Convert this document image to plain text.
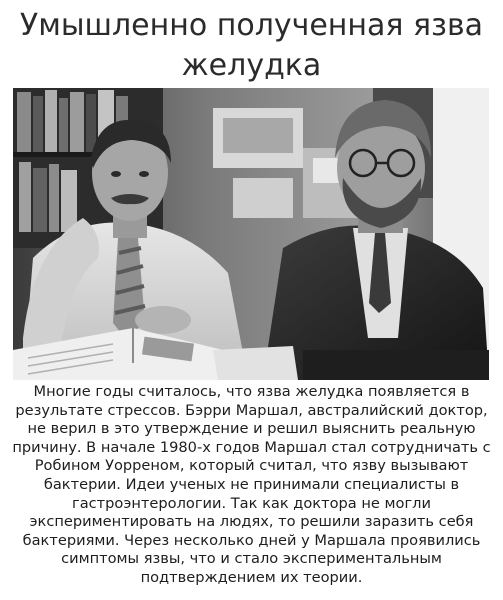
Умышленно полученная язва
желудка
Многие годы считалось, что язва желудка появляется в
результате стрессов. Бэрри Маршал, австралийский доктор,
не верил в это утверждение и решил выяснить реальную
причину. В начале 1980-х годов Маршал стал сотрудничать с
Робином Уорреном, который считал, что язву вызывают
бактерии. Идеи ученых не принимали специалисты в
гастроэнтерологии. Так как доктора не могли
экспериментировать на людях, то решили заразить себя
бактериями. Через несколько дней у Маршала проявились
симптомы язвы, что и стало экспериментальным
подтверждением их теории.
